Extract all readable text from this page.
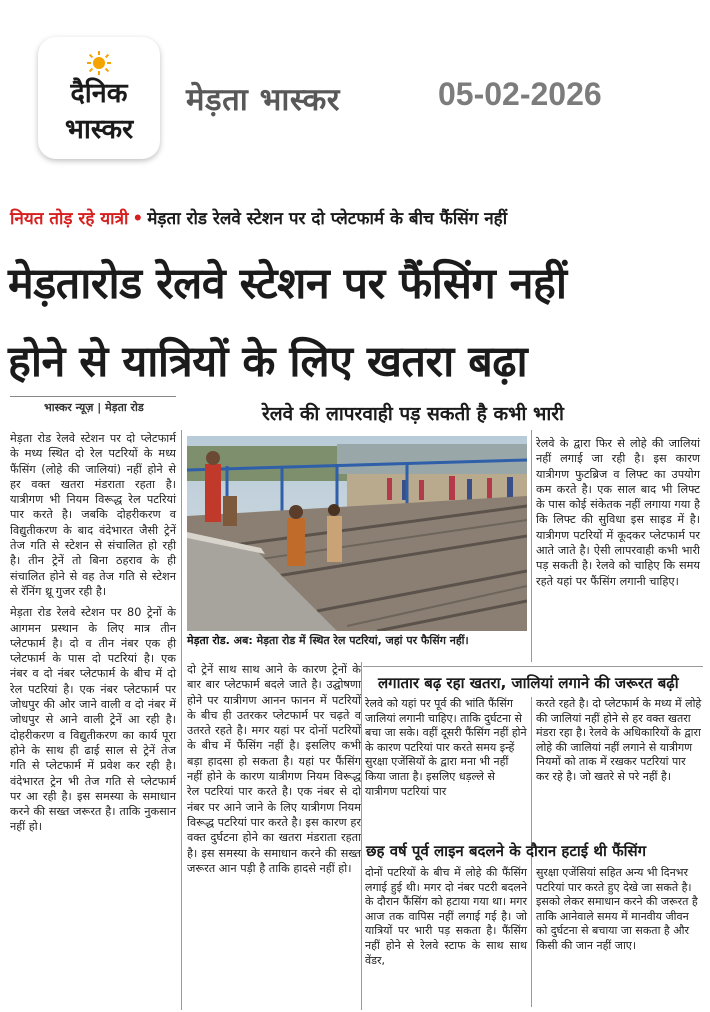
दैनिक
भास्कर
मेड़ता भास्कर	05-02-2026
नियत तोड़ रहे यात्री • मेड़ता रोड रेलवे स्टेशन पर दो प्लेटफार्म के बीच फैंसिंग नहीं
मेड़तारोड रेलवे स्टेशन पर फैंसिंग नहीं
होने से यात्रियों के लिए खतरा बढ़ा
भास्कर न्यूज़ | मेड़ता रोड	रेलवे की लापरवाही पड़ सकती है कभी भारी

मेड़ता रोड रेलवे स्टेशन पर दो प्लेटफार्म के मध्य स्थित दो रेल पटरियों के मध्य फैंसिंग (लोहे की जालियां) नहीं होने से हर वक्त खतरा मंडराता रहता है। यात्रीगण भी नियम विरूद्ध रेल पटरियां पार करते है। जबकि दोहरीकरण व विद्युतीकरण के बाद वंदेभारत जैसी ट्रेनें तेज गति से स्टेशन से संचालित हो रही है। तीन ट्रेनें तो बिना ठहराव के ही संचालित होने से वह तेज गति से स्टेशन से रॅनिंग थ्रू गुजर रही है।

मेड़ता रोड रेलवे स्टेशन पर 80 ट्रेनों के आगमन प्रस्थान के लिए मात्र तीन प्लेटफार्म है। दो व तीन नंबर एक ही प्लेटफार्म के पास दो पटरियां है। एक नंबर व दो नंबर प्लेटफार्म के बीच में दो रेल पटरियां है। एक नंबर प्लेटफार्म पर जोधपुर की ओर जाने वाली व दो नंबर में जोधपुर से आने वाली ट्रेनें आ रही है। दोहरीकरण व विद्युतीकरण का कार्य पूरा होने के साथ ही ढाई साल से ट्रेनें तेज गति से प्लेटफार्म में प्रवेश कर रही है। वंदेभारत ट्रेन भी तेज गति से प्लेटफार्म पर आ रही है। इस समस्या के समाधान करने की सख्त जरूरत है। ताकि नुकसान नहीं हो।

मेड़ता रोड. अब: मेड़ता रोड में स्थित रेल पटरियां, जहां पर फैसिंग नहीं।

दो ट्रेनें साथ साथ आने के कारण ट्रेनों के बार बार प्लेटफार्म बदले जाते है। उद्घोषणा होने पर यात्रीगण आनन फानन में पटरियों के बीच ही उतरकर प्लेटफार्म पर चढ़ते व उतरते रहते है। मगर यहां पर दोनों पटरियों के बीच में फैंसिंग नहीं है। इसलिए कभी बड़ा हादसा हो सकता है। यहां पर फैंसिंग नहीं होने के कारण यात्रीगण नियम विरूद्ध रेल पटरियां पार करते है। एक नंबर से दो नंबर पर आने जाने के लिए यात्रीगण नियम विरूद्ध पटरियां पार करते है। इस कारण हर वक्त दुर्घटना होने का खतरा मंडराता रहता है। इस समस्या के समाधान करने की सख्त जरूरत आन पड़ी है ताकि हादसे नहीं हो।

रेलवे के द्वारा फिर से लोहे की जालियां नहीं लगाई जा रही है। इस कारण यात्रीगण फुटब्रिज व लिफ्ट का उपयोग कम करते है। एक साल बाद भी लिफ्ट के पास कोई संकेतक नहीं लगाया गया है कि लिफ्ट की सुविधा इस साइड में है। यात्रीगण पटरियों में कूदकर प्लेटफार्म पर आते जाते है। ऐसी लापरवाही कभी भारी पड़ सकती है। रेलवे को चाहिए कि समय रहते यहां पर फैंसिंग लगानी चाहिए।

लगातार बढ़ रहा खतरा, जालियां लगाने की जरूरत बढ़ी

रेलवे को यहां पर पूर्व की भांति फैंसिंग जालियां लगानी चाहिए। ताकि दुर्घटना से बचा जा सके। वहीं दूसरी फैंसिंग नहीं होने के कारण पटरियां पार करते समय इन्हें सुरक्षा एजेंसियों के द्वारा मना भी नहीं किया जाता है। इसलिए धड़ल्ले से यात्रीगण पटरियां पार

करते रहते है। दो प्लेटफार्म के मध्य में लोहे की जालियां नहीं होने से हर वक्त खतरा मंडरा रहा है। रेलवे के अधिकारियों के द्वारा लोहे की जालियां नहीं लगाने से यात्रीगण नियमों को ताक में रखकर पटरियां पार कर रहे है। जो खतरे से परे नहीं है।

छह वर्ष पूर्व लाइन बदलने के दौरान हटाई थी फैंसिंग

दोनों पटरियों के बीच में लोहे की फैंसिंग लगाई हुई थी। मगर दो नंबर पटरी बदलने के दौरान फैंसिंग को हटाया गया था। मगर आज तक वापिस नहीं लगाई गई है। जो यात्रियों पर भारी पड़ सकता है। फैंसिंग नहीं होने से रेलवे स्टाफ के साथ साथ वेंडर,

सुरक्षा एजेंसियां सहित अन्य भी दिनभर पटरियां पार करते हुए देखे जा सकते है। इसको लेकर समाधान करने की जरूरत है ताकि आनेवाले समय में मानवीय जीवन को दुर्घटना से बचाया जा सकता है और किसी की जान नहीं जाए।
